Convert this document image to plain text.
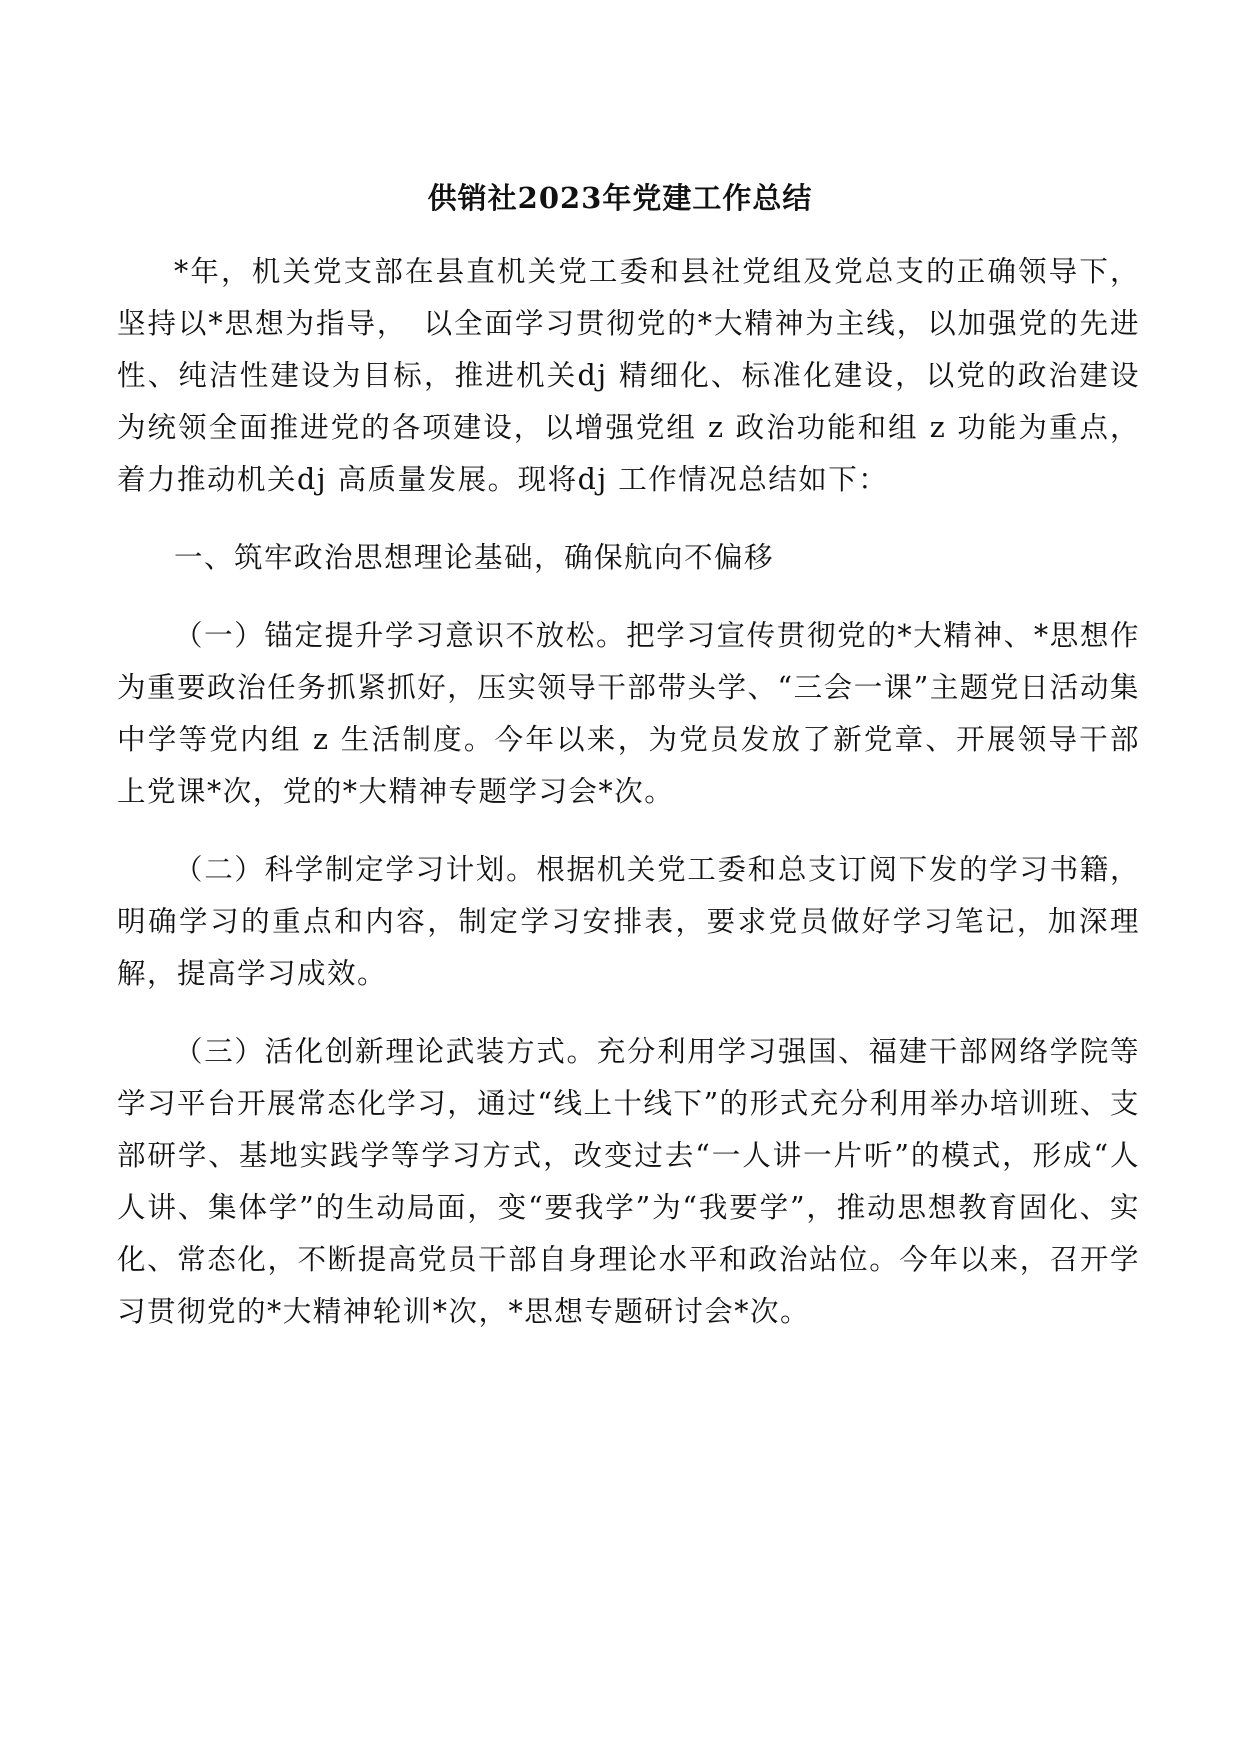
供销社2023年党建工作总结

*年，机关党支部在县直机关党工委和县社党组及党总支的正确领导下，坚持以*思想为指导，　以全面学习贯彻党的*大精神为主线，以加强党的先进性、纯洁性建设为目标，推进机关dj 精细化、标准化建设，以党的政治建设为统领全面推进党的各项建设，以增强党组 z 政治功能和组 z 功能为重点，着力推动机关dj 高质量发展。现将dj 工作情况总结如下：

一、筑牢政治思想理论基础，确保航向不偏移

（一）锚定提升学习意识不放松。把学习宣传贯彻党的*大精神、*思想作为重要政治任务抓紧抓好，压实领导干部带头学、“三会一课”主题党日活动集中学等党内组 z 生活制度。今年以来，为党员发放了新党章、开展领导干部上党课*次，党的*大精神专题学习会*次。

（二）科学制定学习计划。根据机关党工委和总支订阅下发的学习书籍，明确学习的重点和内容，制定学习安排表，要求党员做好学习笔记，加深理解，提高学习成效。

（三）活化创新理论武装方式。充分利用学习强国、福建干部网络学院等学习平台开展常态化学习，通过“线上十线下”的形式充分利用举办培训班、支部研学、基地实践学等学习方式，改变过去“一人讲一片听”的模式，形成“人人讲、集体学”的生动局面，变“要我学”为“我要学”，推动思想教育固化、实化、常态化，不断提高党员干部自身理论水平和政治站位。今年以来，召开学习贯彻党的*大精神轮训*次，*思想专题研讨会*次。
